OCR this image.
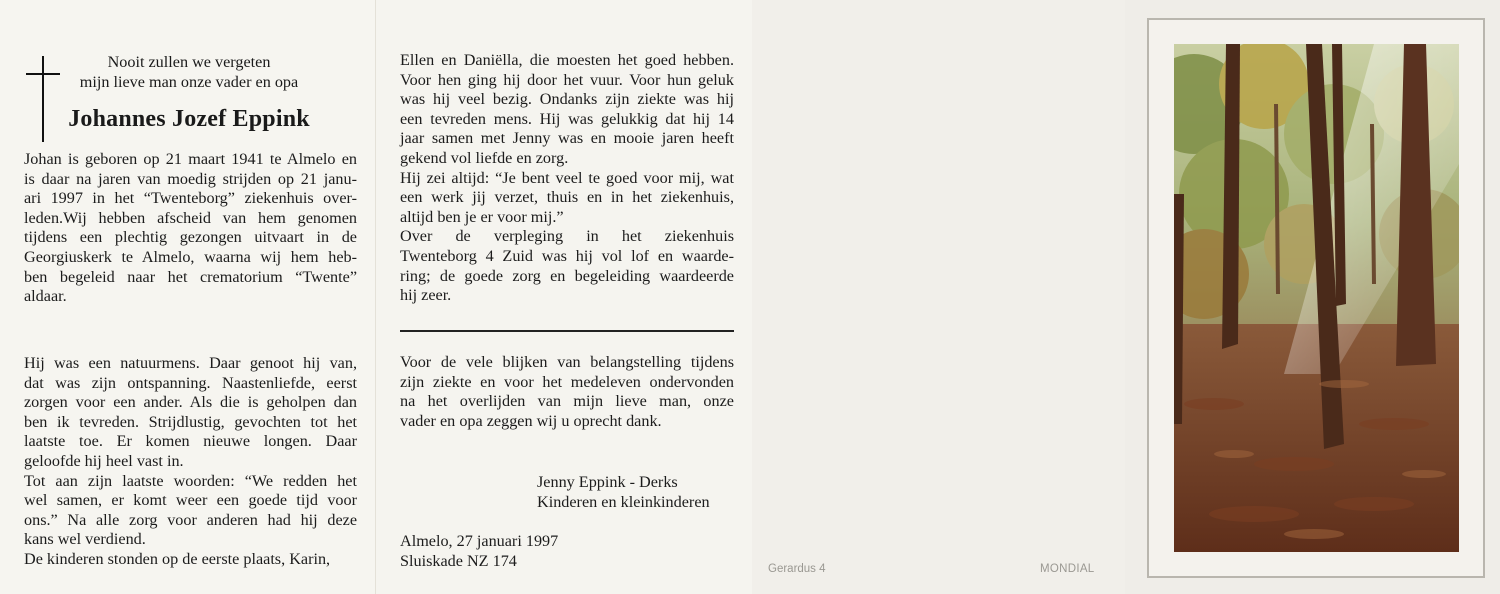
Nooit zullen we vergeten
mijn lieve man onze vader en opa
Johannes Jozef Eppink
Johan is geboren op 21 maart 1941 te Almelo en
is daar na jaren van moedig strijden op 21 janu-
ari 1997 in het “Twenteborg” ziekenhuis over-
leden.Wij hebben afscheid van hem genomen
tijdens een plechtig gezongen uitvaart in de
Georgiuskerk te Almelo, waarna wij hem heb-
ben begeleid naar het crematorium “Twente”
aldaar.
Hij was een natuurmens. Daar genoot hij van,
dat was zijn ontspanning. Naastenliefde, eerst
zorgen voor een ander. Als die is geholpen dan
ben ik tevreden. Strijdlustig, gevochten tot het
laatste toe. Er komen nieuwe longen. Daar
geloofde hij heel vast in.
Tot aan zijn laatste woorden: “We redden het
wel samen, er komt weer een goede tijd voor
ons.” Na alle zorg voor anderen had hij deze
kans wel verdiend.
De kinderen stonden op de eerste plaats, Karin,
Ellen en Daniëlla, die moesten het goed hebben.
Voor hen ging hij door het vuur. Voor hun geluk
was hij veel bezig. Ondanks zijn ziekte was hij
een tevreden mens. Hij was gelukkig dat hij 14
jaar samen met Jenny was en mooie jaren heeft
gekend vol liefde en zorg.
Hij zei altijd: “Je bent veel te goed voor mij, wat
een werk jij verzet, thuis en in het ziekenhuis,
altijd ben je er voor mij.”
Over de verpleging in het ziekenhuis
Twenteborg 4 Zuid was hij vol lof en waarde-
ring; de goede zorg en begeleiding waardeerde
hij zeer.
Voor de vele blijken van belangstelling tijdens
zijn ziekte en voor het medeleven ondervonden
na het overlijden van mijn lieve man, onze
vader en opa zeggen wij u oprecht dank.
Jenny Eppink - Derks
Kinderen en kleinkinderen
Almelo, 27 januari 1997
Sluiskade NZ 174	Gerardus 4	MONDIAL
